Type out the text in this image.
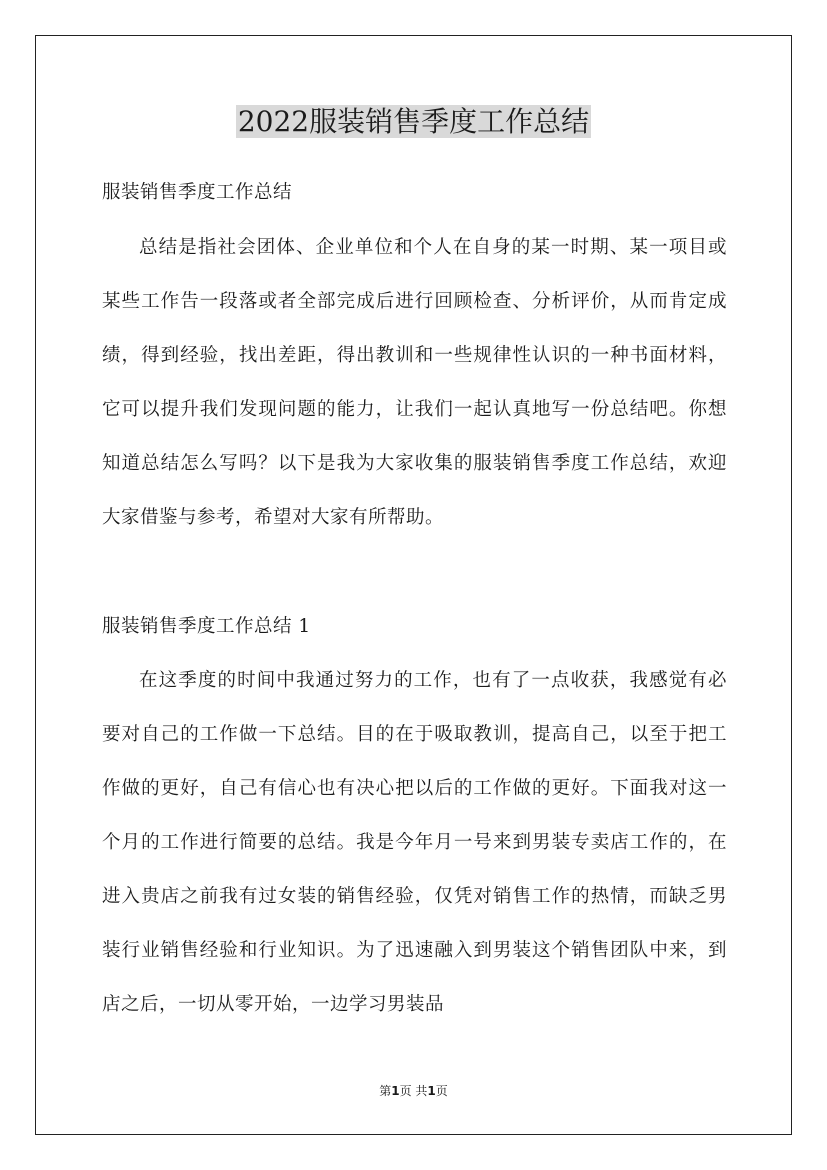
2022服装销售季度工作总结
服装销售季度工作总结

总结是指社会团体、企业单位和个人在自身的某一时期、某一项目或某些工作告一段落或者全部完成后进行回顾检查、分析评价，从而肯定成绩，得到经验，找出差距，得出教训和一些规律性认识的一种书面材料，它可以提升我们发现问题的能力，让我们一起认真地写一份总结吧。你想知道总结怎么写吗？以下是我为大家收集的服装销售季度工作总结，欢迎大家借鉴与参考，希望对大家有所帮助。

服装销售季度工作总结 1

在这季度的时间中我通过努力的工作，也有了一点收获，我感觉有必要对自己的工作做一下总结。目的在于吸取教训，提高自己，以至于把工作做的更好，自己有信心也有决心把以后的工作做的更好。下面我对这一个月的工作进行简要的总结。我是今年月一号来到男装专卖店工作的，在进入贵店之前我有过女装的销售经验，仅凭对销售工作的热情，而缺乏男装行业销售经验和行业知识。为了迅速融入到男装这个销售团队中来，到店之后，一切从零开始，一边学习男装品

第1页 共1页
